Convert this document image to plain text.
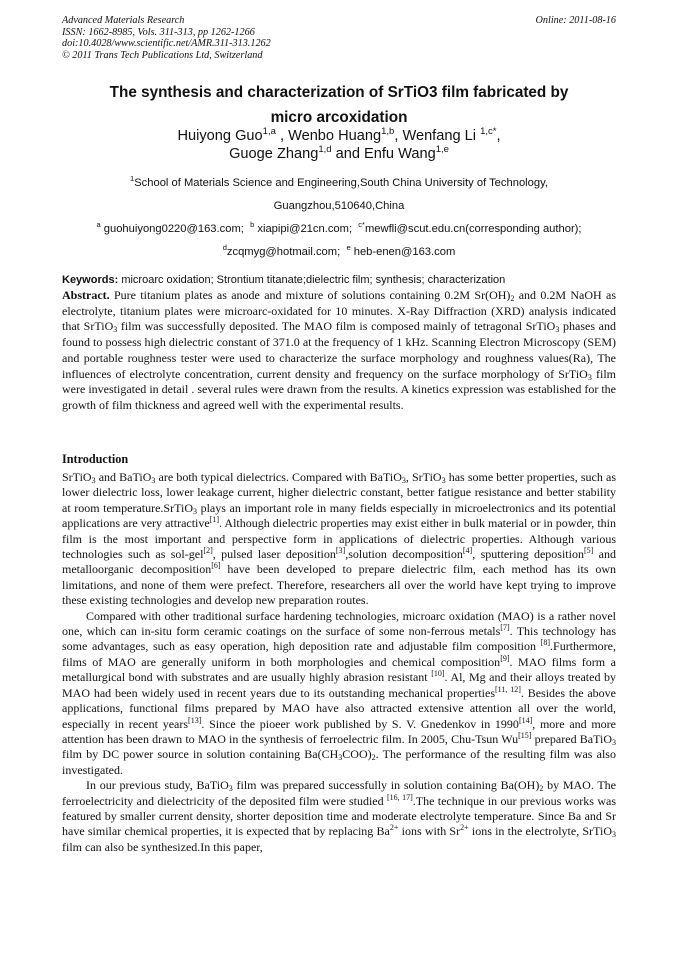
Advanced Materials Research
ISSN: 1662-8985, Vols. 311-313, pp 1262-1266
doi:10.4028/www.scientific.net/AMR.311-313.1262
© 2011 Trans Tech Publications Ltd, Switzerland
Online: 2011-08-16
The synthesis and characterization of SrTiO3 film fabricated by
micro arcoxidation
Huiyong Guo$^{1,a}$ , Wenbo Huang$^{1,b}$, Wenfang Li $^{1,c*}$,
Guoge Zhang$^{1,d}$ and Enfu Wang$^{1,e}$
$^1$School of Materials Science and Engineering,South China University of Technology,
Guangzhou,510640,China
$^a$ guohuiyong0220@163.com; $^b$ xiapipi@21cn.com; $^{c*}$mewfli@scut.edu.cn(corresponding author);
$^d$zcqmyg@hotmail.com; $^e$ heb-enen@163.com
Keywords: microarc oxidation; Strontium titanate;dielectric film; synthesis; characterization
Abstract. Pure titanium plates as anode and mixture of solutions containing 0.2M $Sr(OH)_2$ and 0.2M NaOH as electrolyte, titanium plates were microarc-oxidated for 10 minutes. X-Ray Diffraction (XRD) analysis indicated that SrTiO$_3$ film was successfully deposited. The MAO film is composed mainly of tetragonal SrTiO$_3$ phases and found to possess high dielectric constant of 371.0 at the frequency of 1 kHz. Scanning Electron Microscopy (SEM) and portable roughness tester were used to characterize the surface morphology and roughness values(Ra), The influences of electrolyte concentration, current density and frequency on the surface morphology of SrTiO$_3$ film were investigated in detail . several rules were drawn from the results. A kinetics expression was established for the growth of film thickness and agreed well with the experimental results.
Introduction

SrTiO$_3$ and BaTiO$_3$ are both typical dielectrics. Compared with BaTiO$_3$, SrTiO$_3$ has some better properties, such as lower dielectric loss, lower leakage current, higher dielectric constant, better fatigue resistance and better stability at room temperature.SrTiO$_3$ plays an important role in many fields especially in microelectronics and its potential applications are very attractive[1]. Although dielectric properties may exist either in bulk material or in powder, thin film is the most important and perspective form in applications of dielectric properties. Although various technologies such as sol-gel[2], pulsed laser deposition[3],solution decomposition[4], sputtering deposition[5] and metalloorganic decomposition[6] have been developed to prepare dielectric film, each method has its own limitations, and none of them were prefect. Therefore, researchers all over the world have kept trying to improve these existing technologies and develop new preparation routes.

Compared with other traditional surface hardening technologies, microarc oxidation (MAO) is a rather novel one, which can in-situ form ceramic coatings on the surface of some non-ferrous metals[7]. This technology has some advantages, such as easy operation, high deposition rate and adjustable film composition [8].Furthermore, films of MAO are generally uniform in both morphologies and chemical composition[9]. MAO films form a metallurgical bond with substrates and are usually highly abrasion resistant [10]. Al, Mg and their alloys treated by MAO had been widely used in recent years due to its outstanding mechanical properties[11, 12]. Besides the above applications, functional films prepared by MAO have also attracted extensive attention all over the world, especially in recent years[13]. Since the pioeer work published by S. V. Gnedenkov in 1990[14], more and more attention has been drawn to MAO in the synthesis of ferroelectric film. In 2005, Chu-Tsun Wu[15] prepared BaTiO$_3$ film by DC power source in solution containing $Ba(CH_3COO)_2$. The performance of the resulting film was also investigated.

In our previous study, BaTiO$_3$ film was prepared successfully in solution containing $Ba(OH)_2$ by MAO. The ferroelectricity and dielectricity of the deposited film were studied [16, 17].The technique in our previous works was featured by smaller current density, shorter deposition time and moderate electrolyte temperature. Since Ba and Sr have similar chemical properties, it is expected that by replacing $Ba^{2+}$ ions with $Sr^{2+}$ ions in the electrolyte, SrTiO$_3$ film can also be synthesized.In this paper,
